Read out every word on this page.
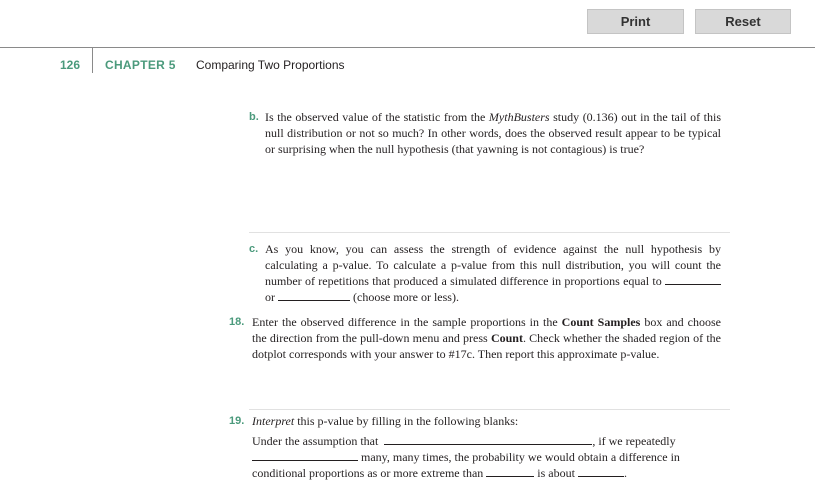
Print	Reset
126 CHAPTER 5 Comparing Two Proportions
b. Is the observed value of the statistic from the MythBusters study (0.136) out in the tail of this null distribution or not so much? In other words, does the observed result appear to be typical or surprising when the null hypothesis (that yawning is not contagious) is true?
c. As you know, you can assess the strength of evidence against the null hypothesis by calculating a p-value. To calculate a p-value from this null distribution, you will count the number of repetitions that produced a simulated difference in proportions equal to  or	(choose more or less).
18. Enter the observed difference in the sample proportions in the Count Samples box and choose the direction from the pull-down menu and press Count. Check whether the shaded region of the dotplot corresponds with your answer to #17c. Then report this approximate p-value.
19. Interpret this p-value by filling in the following blanks:
Under the assumption that	, if we repeatedly
many, many times, the probability we would obtain a difference in
conditional proportions as or more extreme than	is about	.
